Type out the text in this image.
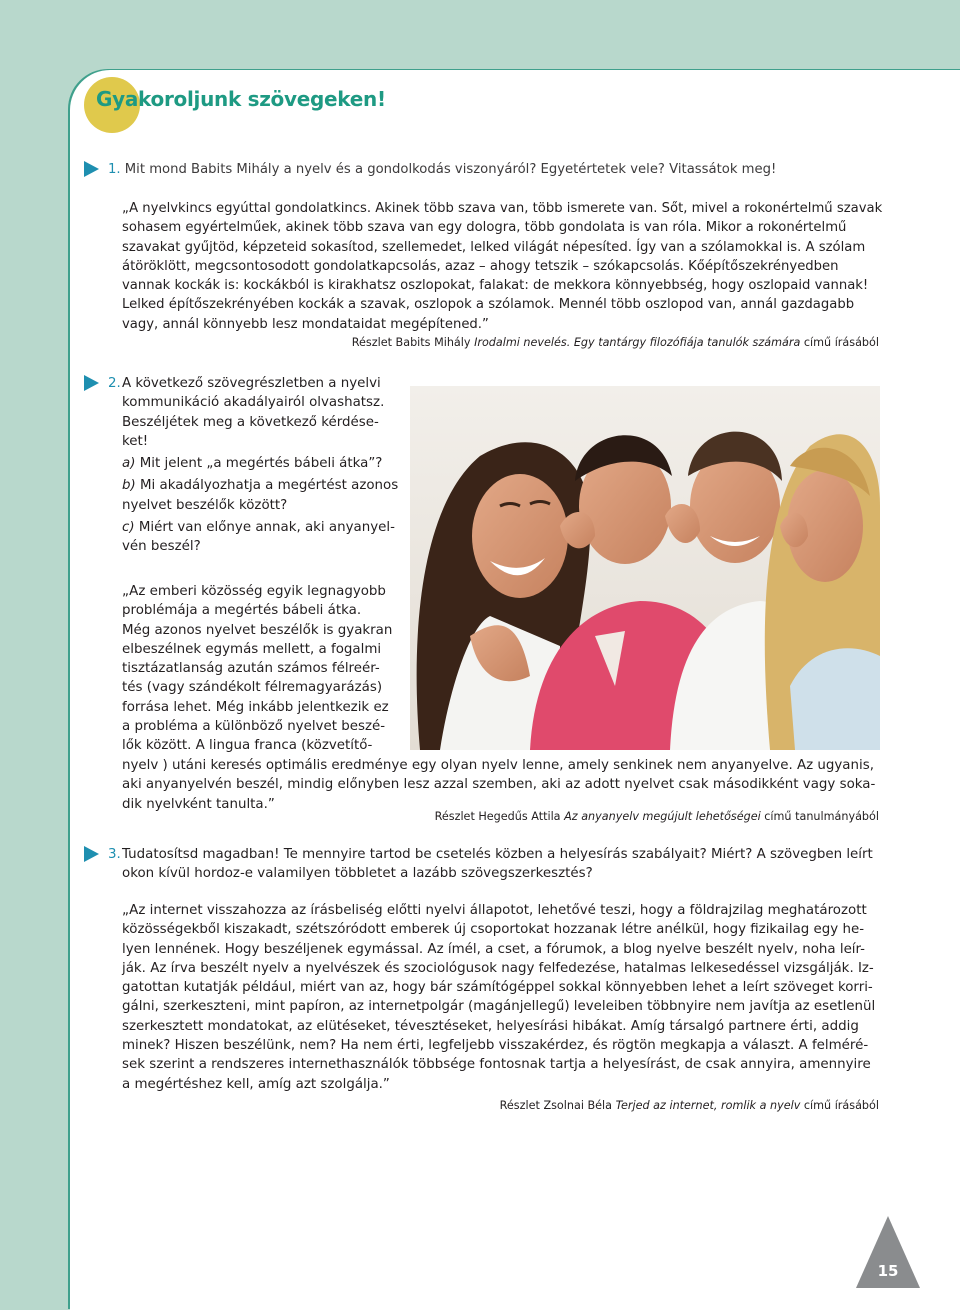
Gyakoroljunk szövegeken!

1. Mit mond Babits Mihály a nyelv és a gondolkodás viszonyáról? Egyetértetek vele? Vitassátok meg!

„A nyelvkincs egyúttal gondolatkincs. Akinek több szava van, több ismerete van. Sőt, mivel a rokonértelmű szavak
sohasem egyértelműek, akinek több szava van egy dologra, több gondolata is van róla. Mikor a rokonértelmű
szavakat gyűjtöd, képzeteid sokasítod, szellemedet, lelked világát népesíted. Így van a szólamokkal is. A szólam
átöröklött, megcsontosodott gondolatkapcsolás, azaz – ahogy tetszik – szókapcsolás. Kőépítőszekrényedben
vannak kockák is: kockákból is kirakhatsz oszlopokat, falakat: de mekkora könnyebbség, hogy oszlopaid vannak!
Lelked építőszekrényében kockák a szavak, oszlopok a szólamok. Mennél több oszlopod van, annál gazdagabb
vagy, annál könnyebb lesz mondataidat megépítened.”
Részlet Babits Mihály Irodalmi nevelés. Egy tantárgy filozófiája tanulók számára című írásából
2. A következő szövegrészletben a nyelvi
kommunikáció akadályairól olvashatsz.
Beszéljétek meg a következő kérdése-
ket!
a) Mit jelent „a megértés bábeli átka”?
b) Mi akadályozhatja a megértést azonos
nyelvet beszélők között?
c) Miért van előnye annak, aki anyanyel-
vén beszél?
„Az emberi közösség egyik legnagyobb
problémája a megértés bábeli átka.
Még azonos nyelvet beszélők is gyakran
elbeszélnek egymás mellett, a fogalmi
tisztázatlanság azután számos félreér-
tés (vagy szándékolt félremagyarázás)
forrása lehet. Még inkább jelentkezik ez
a probléma a különböző nyelvet beszé-
lők között. A lingua franca (közvetítő-
nyelv ) utáni keresés optimális eredménye egy olyan nyelv lenne, amely senkinek nem anyanyelve. Az ugyanis,
aki anyanyelvén beszél, mindig előnyben lesz azzal szemben, aki az adott nyelvet csak másodikként vagy soka-
dik nyelvként tanulta.”
Részlet Hegedűs Attila Az anyanyelv megújult lehetőségei című tanulmányából
3. Tudatosítsd magadban! Te mennyire tartod be csetelés közben a helyesírás szabályait? Miért? A szövegben leírt
okon kívül hordoz-e valamilyen többletet a lazább szövegszerkesztés?
„Az internet visszahozza az írásbeliség előtti nyelvi állapotot, lehetővé teszi, hogy a földrajzilag meghatározott
közösségekből kiszakadt, szétszóródott emberek új csoportokat hozzanak létre anélkül, hogy fizikailag egy he-
lyen lennének. Hogy beszéljenek egymással. Az ímél, a cset, a fórumok, a blog nyelve beszélt nyelv, noha leír-
ják. Az írva beszélt nyelv a nyelvészek és szociológusok nagy felfedezése, hatalmas lelkesedéssel vizsgálják. Iz-
gatottan kutatják például, miért van az, hogy bár számítógéppel sokkal könnyebben lehet a leírt szöveget korri-
gálni, szerkeszteni, mint papíron, az internetpolgár (magánjellegű) leveleiben többnyire nem javítja az esetlenül
szerkesztett mondatokat, az elütéseket, tévesztéseket, helyesírási hibákat. Amíg társalgó partnere érti, addig
minek? Hiszen beszélünk, nem? Ha nem érti, legfeljebb visszakérdez, és rögtön megkapja a választ. A felméré-
sek szerint a rendszeres internethasználók többsége fontosnak tartja a helyesírást, de csak annyira, amennyire
a megértéshez kell, amíg azt szolgálja.”
Részlet Zsolnai Béla Terjed az internet, romlik a nyelv című írásából
15
